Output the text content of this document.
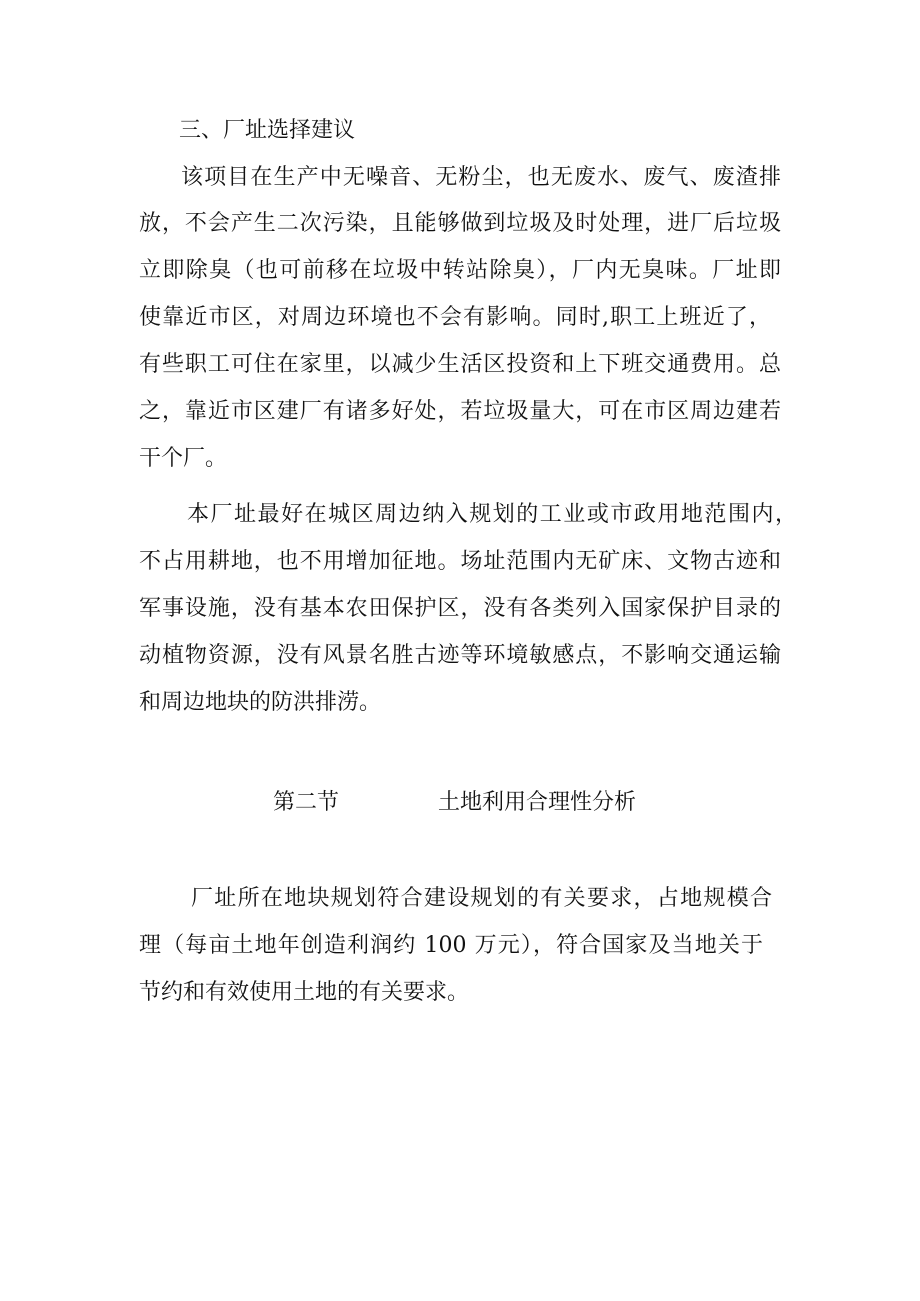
三、厂址选择建议

该项目在生产中无噪音、无粉尘，也无废水、废气、废渣排

放，不会产生二次污染，且能够做到垃圾及时处理，进厂后垃圾

立即除臭（也可前移在垃圾中转站除臭），厂内无臭味。厂址即

使靠近市区，对周边环境也不会有影响。同时,职工上班近了，

有些职工可住在家里，以减少生活区投资和上下班交通费用。总

之，靠近市区建厂有诸多好处，若垃圾量大，可在市区周边建若

干个厂。

本厂址最好在城区周边纳入规划的工业或市政用地范围内，

不占用耕地，也不用增加征地。场址范围内无矿床、文物古迹和

军事设施，没有基本农田保护区，没有各类列入国家保护目录的

动植物资源，没有风景名胜古迹等环境敏感点，不影响交通运输

和周边地块的防洪排涝。

第二节	土地利用合理性分析

厂址所在地块规划符合建设规划的有关要求，占地规模合

理（每亩土地年创造利润约 100 万元），符合国家及当地关于

节约和有效使用土地的有关要求。
